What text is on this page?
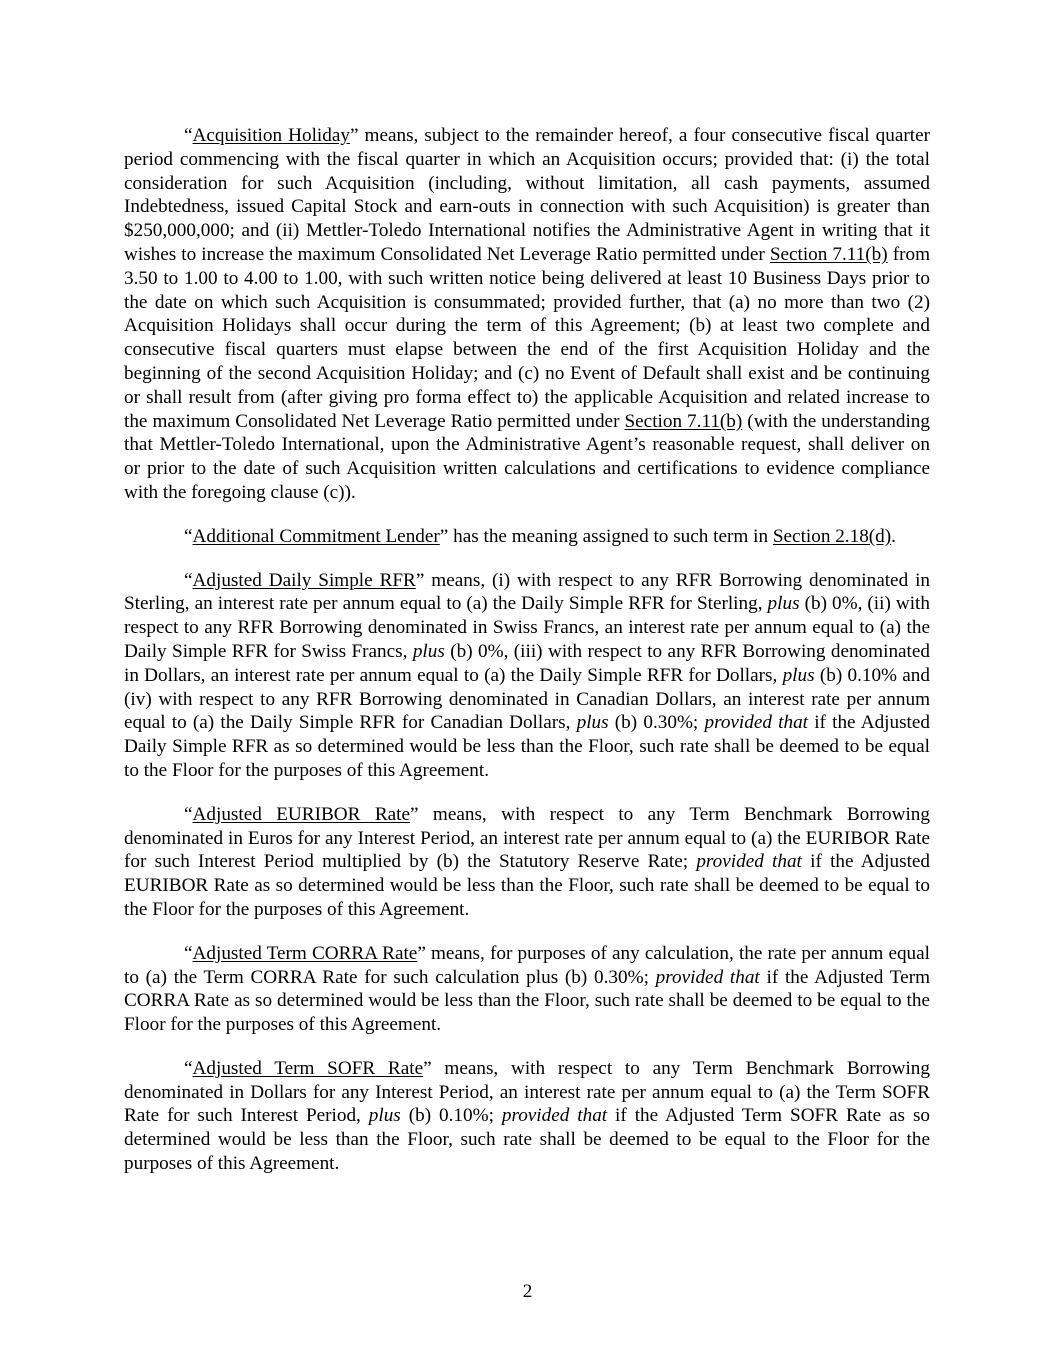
“Acquisition Holiday” means, subject to the remainder hereof, a four consecutive fiscal quarter period commencing with the fiscal quarter in which an Acquisition occurs; provided that: (i) the total consideration for such Acquisition (including, without limitation, all cash payments, assumed Indebtedness, issued Capital Stock and earn-outs in connection with such Acquisition) is greater than $250,000,000; and (ii) Mettler-Toledo International notifies the Administrative Agent in writing that it wishes to increase the maximum Consolidated Net Leverage Ratio permitted under Section 7.11(b) from 3.50 to 1.00 to 4.00 to 1.00, with such written notice being delivered at least 10 Business Days prior to the date on which such Acquisition is consummated; provided further, that (a) no more than two (2) Acquisition Holidays shall occur during the term of this Agreement; (b) at least two complete and consecutive fiscal quarters must elapse between the end of the first Acquisition Holiday and the beginning of the second Acquisition Holiday; and (c) no Event of Default shall exist and be continuing or shall result from (after giving pro forma effect to) the applicable Acquisition and related increase to the maximum Consolidated Net Leverage Ratio permitted under Section 7.11(b) (with the understanding that Mettler-Toledo International, upon the Administrative Agent’s reasonable request, shall deliver on or prior to the date of such Acquisition written calculations and certifications to evidence compliance with the foregoing clause (c)).

“Additional Commitment Lender” has the meaning assigned to such term in Section 2.18(d).

“Adjusted Daily Simple RFR” means, (i) with respect to any RFR Borrowing denominated in Sterling, an interest rate per annum equal to (a) the Daily Simple RFR for Sterling, plus (b) 0%, (ii) with respect to any RFR Borrowing denominated in Swiss Francs, an interest rate per annum equal to (a) the Daily Simple RFR for Swiss Francs, plus (b) 0%, (iii) with respect to any RFR Borrowing denominated in Dollars, an interest rate per annum equal to (a) the Daily Simple RFR for Dollars, plus (b) 0.10% and (iv) with respect to any RFR Borrowing denominated in Canadian Dollars, an interest rate per annum equal to (a) the Daily Simple RFR for Canadian Dollars, plus (b) 0.30%; provided that if the Adjusted Daily Simple RFR as so determined would be less than the Floor, such rate shall be deemed to be equal to the Floor for the purposes of this Agreement.

“Adjusted EURIBOR Rate” means, with respect to any Term Benchmark Borrowing denominated in Euros for any Interest Period, an interest rate per annum equal to (a) the EURIBOR Rate for such Interest Period multiplied by (b) the Statutory Reserve Rate; provided that if the Adjusted EURIBOR Rate as so determined would be less than the Floor, such rate shall be deemed to be equal to the Floor for the purposes of this Agreement.

“Adjusted Term CORRA Rate” means, for purposes of any calculation, the rate per annum equal to (a) the Term CORRA Rate for such calculation plus (b) 0.30%; provided that if the Adjusted Term CORRA Rate as so determined would be less than the Floor, such rate shall be deemed to be equal to the Floor for the purposes of this Agreement.

“Adjusted Term SOFR Rate” means, with respect to any Term Benchmark Borrowing denominated in Dollars for any Interest Period, an interest rate per annum equal to (a) the Term SOFR Rate for such Interest Period, plus (b) 0.10%; provided that if the Adjusted Term SOFR Rate as so determined would be less than the Floor, such rate shall be deemed to be equal to the Floor for the purposes of this Agreement.

2
